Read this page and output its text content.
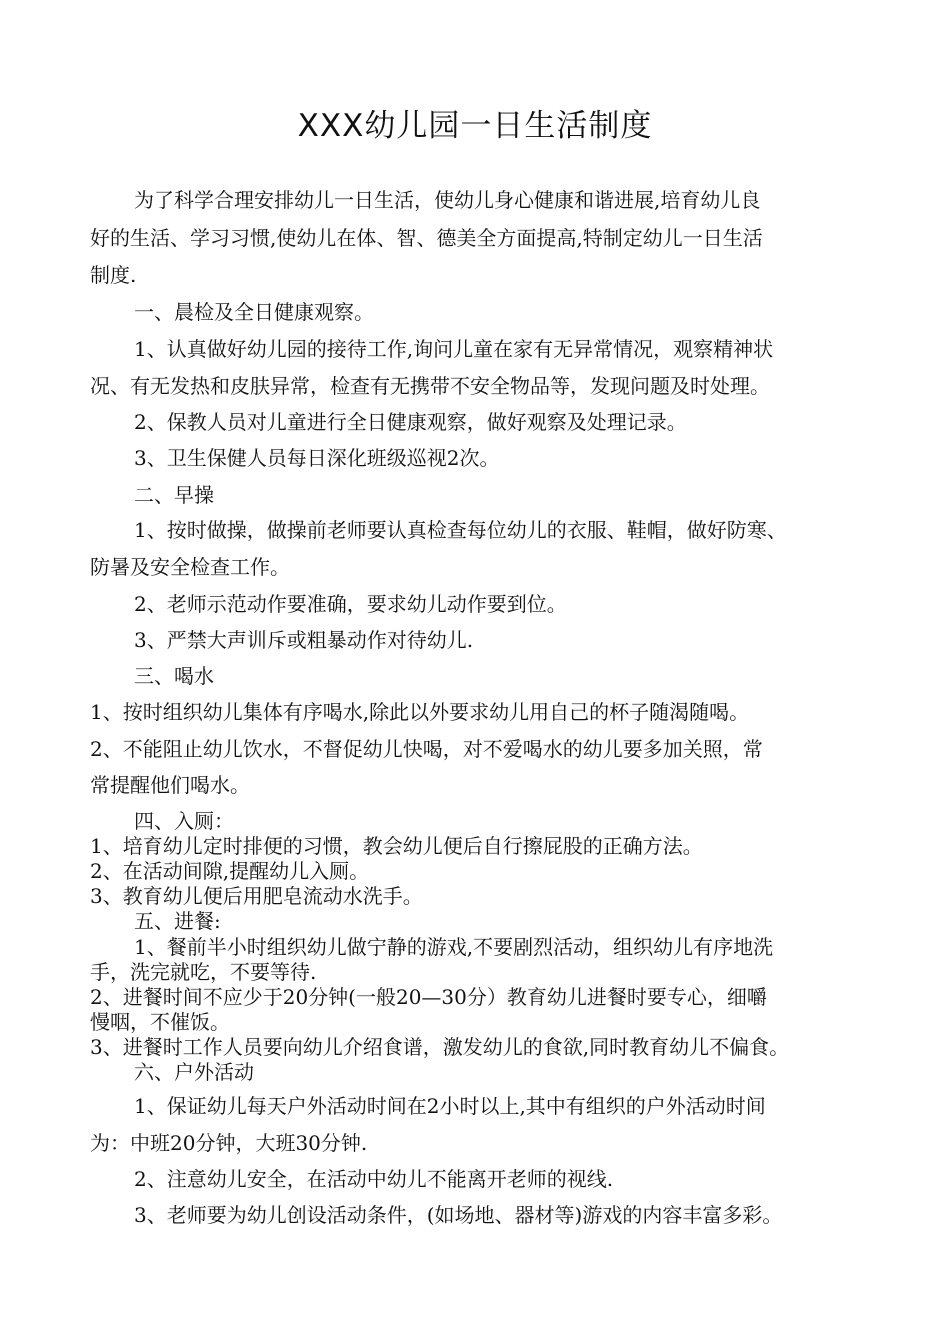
XXX幼儿园一日生活制度

为了科学合理安排幼儿一日生活，使幼儿身心健康和谐进展,培育幼儿良

好的生活、学习习惯,使幼儿在体、智、德美全方面提高,特制定幼儿一日生活

制度.

一、晨检及全日健康观察。

1、认真做好幼儿园的接待工作,询问儿童在家有无异常情况，观察精神状

况、有无发热和皮肤异常，检查有无携带不安全物品等，发现问题及时处理。

2、保教人员对儿童进行全日健康观察，做好观察及处理记录。

3、卫生保健人员每日深化班级巡视2次。

二、早操

1、按时做操，做操前老师要认真检查每位幼儿的衣服、鞋帽，做好防寒、

防暑及安全检查工作。

2、老师示范动作要准确，要求幼儿动作要到位。

3、严禁大声训斥或粗暴动作对待幼儿.

三、喝水

1、按时组织幼儿集体有序喝水,除此以外要求幼儿用自己的杯子随渴随喝。

2、不能阻止幼儿饮水，不督促幼儿快喝，对不爱喝水的幼儿要多加关照，常

常提醒他们喝水。

四、入厕：

1、培育幼儿定时排便的习惯，教会幼儿便后自行擦屁股的正确方法。

2、在活动间隙,提醒幼儿入厕。

3、教育幼儿便后用肥皂流动水洗手。

五、进餐:

1、餐前半小时组织幼儿做宁静的游戏,不要剧烈活动，组织幼儿有序地洗

手，洗完就吃，不要等待.

2、进餐时间不应少于20分钟(一般20—30分）教育幼儿进餐时要专心，细嚼

慢咽，不催饭。

3、进餐时工作人员要向幼儿介绍食谱，激发幼儿的食欲,同时教育幼儿不偏食。

六、户外活动

1、保证幼儿每天户外活动时间在2小时以上,其中有组织的户外活动时间

为：中班20分钟，大班30分钟.

2、注意幼儿安全，在活动中幼儿不能离开老师的视线.

3、老师要为幼儿创设活动条件，(如场地、器材等)游戏的内容丰富多彩。
